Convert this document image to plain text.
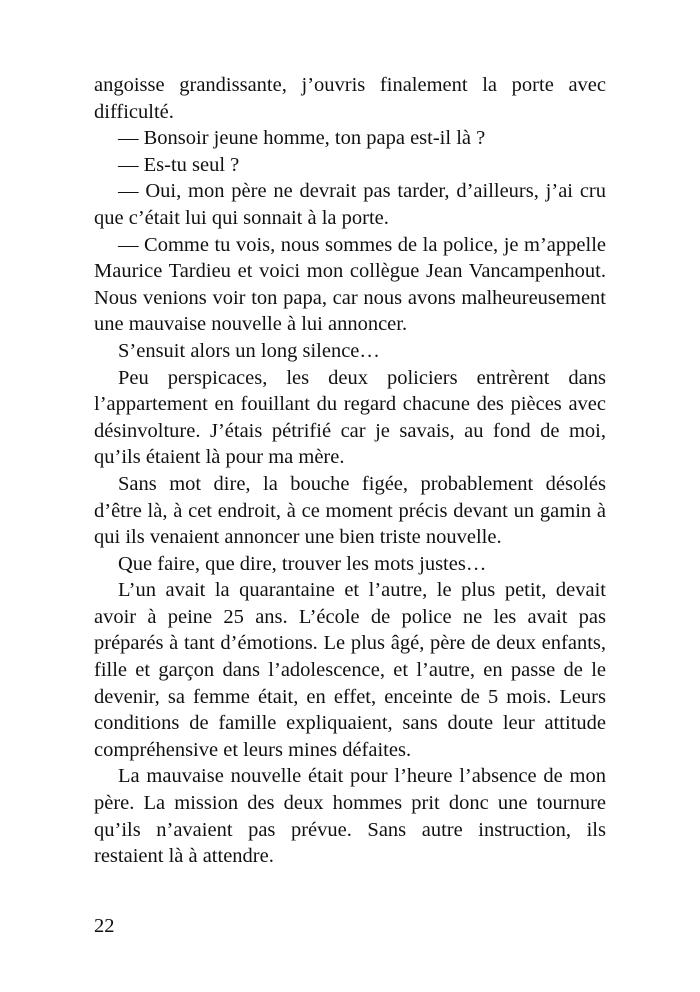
angoisse grandissante, j’ouvris finalement la porte avec difficulté.

— Bonsoir jeune homme, ton papa est-il là ?

— Es-tu seul ?

— Oui, mon père ne devrait pas tarder, d’ailleurs, j’ai cru que c’était lui qui sonnait à la porte.

— Comme tu vois, nous sommes de la police, je m’appelle Maurice Tardieu et voici mon collègue Jean Vancampenhout. Nous venions voir ton papa, car nous avons malheureusement une mauvaise nouvelle à lui annoncer.

S’ensuit alors un long silence…

Peu perspicaces, les deux policiers entrèrent dans l’appartement en fouillant du regard chacune des pièces avec désinvolture. J’étais pétrifié car je savais, au fond de moi, qu’ils étaient là pour ma mère.

Sans mot dire, la bouche figée, probablement désolés d’être là, à cet endroit, à ce moment précis devant un gamin à qui ils venaient annoncer une bien triste nouvelle.

Que faire, que dire, trouver les mots justes…

L’un avait la quarantaine et l’autre, le plus petit, devait avoir à peine 25 ans. L’école de police ne les avait pas préparés à tant d’émotions. Le plus âgé, père de deux enfants, fille et garçon dans l’adolescence, et l’autre, en passe de le devenir, sa femme était, en effet, enceinte de 5 mois. Leurs conditions de famille expliquaient, sans doute leur attitude compréhensive et leurs mines défaites.

La mauvaise nouvelle était pour l’heure l’absence de mon père. La mission des deux hommes prit donc une tournure qu’ils n’avaient pas prévue. Sans autre instruction, ils restaient là à attendre.

22
